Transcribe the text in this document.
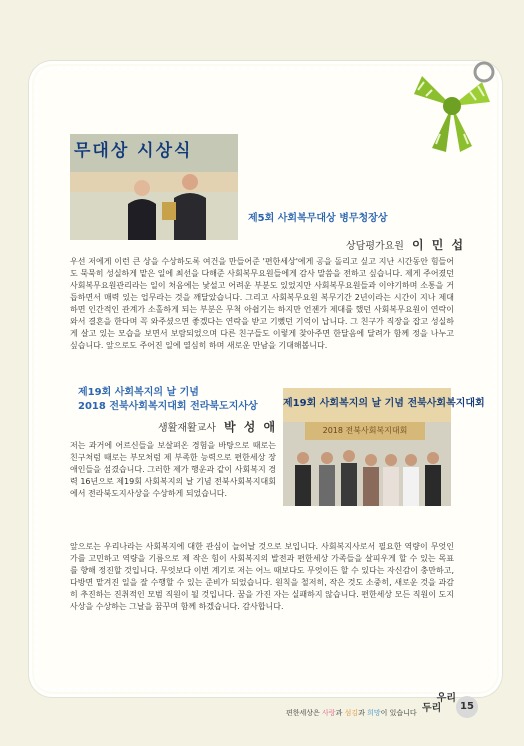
무대상 시상식
제5회 사회복무대상 병무청장상
상담평가요원 이 민 섭

우선 저에게 이런 큰 상을 수상하도록 여건을 만들어준 '편한세상'에게 공을 돌리고 싶고 지난 시간동안 힘들어도 묵묵히 성실하게 맡은 일에 최선을 다해준 사회복무요원들에게 감사 말씀을 전하고 싶습니다. 제게 주어졌던 사회복무요원관리라는 일이 처음에는 낯설고 어려운 부분도 있었지만 사회복무요원들과 이야기하며 소통을 거듭하면서 매력 있는 업무라는 것을 깨달았습니다. 그리고 사회복무요원 복무기간 2년이라는 시간이 지나 제대하면 인간적인 관계가 소홀하게 되는 부분은 무척 아쉽기는 하지만 언젠가 제대를 했던 사회복무요원이 연락이 와서 결혼을 한다며 꼭 와주셨으면 좋겠다는 연락을 받고 기뻤던 기억이 납니다. 그 친구가 직장을 잡고 성실하게 살고 있는 모습을 보면서 보람되었으며 다른 친구들도 이렇게 찾아주면 한달음에 달려가 함께 정을 나누고 싶습니다. 앞으로도 주어진 일에 열심히 하며 새로운 만남을 기대해봅니다.

제19회 사회복지의 날 기념
2018 전북사회복지대회 전라북도지사상
생활재활교사 박 성 애
제19회 사회복지의 날 기념 전북사회복지대회
2018 전북사회복지대회

저는 과거에 어르신들을 보살펴온 경험을 바탕으로 때로는 친구처럼 때로는 부모처럼 제 부족한 능력으로 편한세상 장애인들을 섬겼습니다. 그러한 제가 행운과 같이 사회복지 경력 16년으로 제19회 사회복지의 날 기념 전북사회복지대회에서 전라북도지사상을 수상하게 되었습니다.

앞으로는 우리나라는 사회복지에 대한 관심이 늘어날 것으로 보입니다. 사회복지사로서 필요한 역량이 무엇인가를 고민하고 역량을 기름으로 제 작은 힘이 사회복지의 발전과 편한세상 가족들을 살피우게 할 수 있는 목표를 향해 정진할 것입니다. 무엇보다 이번 계기로 저는 어느 때보다도 무엇이든 할 수 있다는 자신감이 충만하고, 다방면 맡겨진 일을 잘 수행할 수 있는 준비가 되었습니다. 원칙을 철저히, 작은 것도 소중히, 새로운 것을 과감히 추진하는 진취적인 모범 직원이 될 것입니다. 꿈을 가진 자는 실패하지 않습니다. 편한세상 모든 직원이 도지사상을 수상하는 그날을 꿈꾸며 함께 하겠습니다. 감사합니다.

편한세상은 사랑과 섬김과 희망이 있습니다
우리
두리	15
